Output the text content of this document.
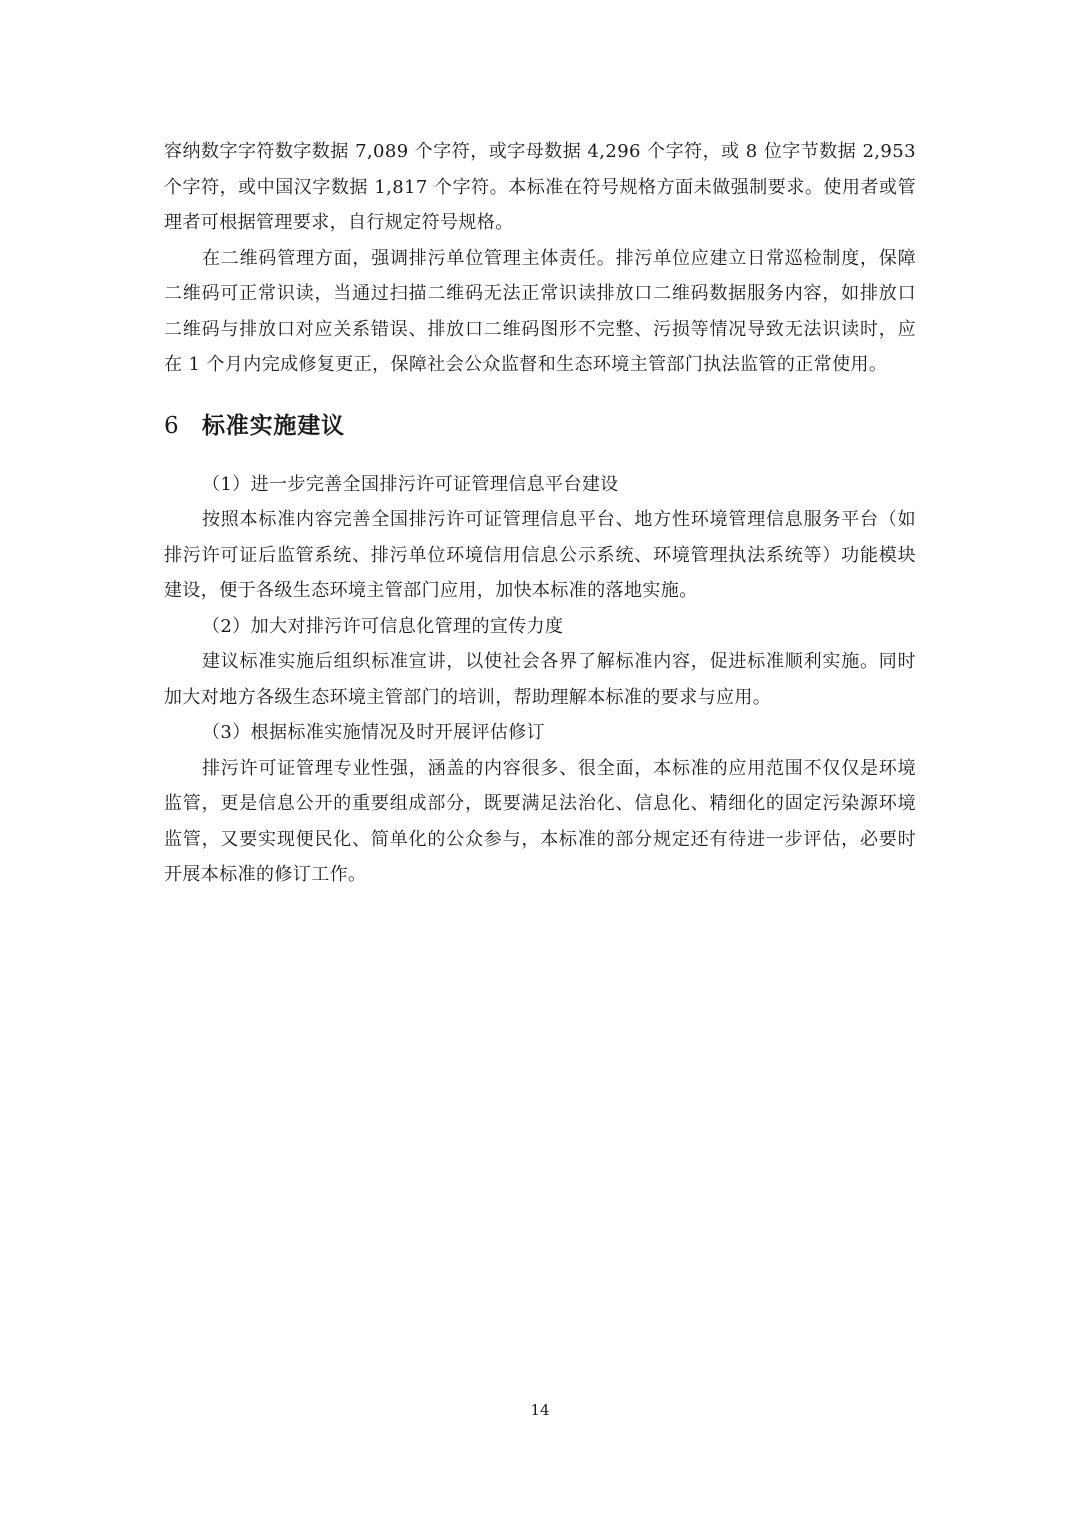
容纳数字字符数字数据 7,089 个字符，或字母数据 4,296 个字符，或 8 位字节数据 2,953 个字符，或中国汉字数据 1,817 个字符。本标准在符号规格方面未做强制要求。使用者或管理者可根据管理要求，自行规定符号规格。

在二维码管理方面，强调排污单位管理主体责任。排污单位应建立日常巡检制度，保障二维码可正常识读，当通过扫描二维码无法正常识读排放口二维码数据服务内容，如排放口二维码与排放口对应关系错误、排放口二维码图形不完整、污损等情况导致无法识读时，应在 1 个月内完成修复更正，保障社会公众监督和生态环境主管部门执法监管的正常使用。

6 标准实施建议

（1）进一步完善全国排污许可证管理信息平台建设

按照本标准内容完善全国排污许可证管理信息平台、地方性环境管理信息服务平台（如排污许可证后监管系统、排污单位环境信用信息公示系统、环境管理执法系统等）功能模块建设，便于各级生态环境主管部门应用，加快本标准的落地实施。

（2）加大对排污许可信息化管理的宣传力度

建议标准实施后组织标准宣讲，以使社会各界了解标准内容，促进标准顺利实施。同时加大对地方各级生态环境主管部门的培训，帮助理解本标准的要求与应用。

（3）根据标准实施情况及时开展评估修订

排污许可证管理专业性强，涵盖的内容很多、很全面，本标准的应用范围不仅仅是环境监管，更是信息公开的重要组成部分，既要满足法治化、信息化、精细化的固定污染源环境监管，又要实现便民化、简单化的公众参与，本标准的部分规定还有待进一步评估，必要时开展本标准的修订工作。

14
